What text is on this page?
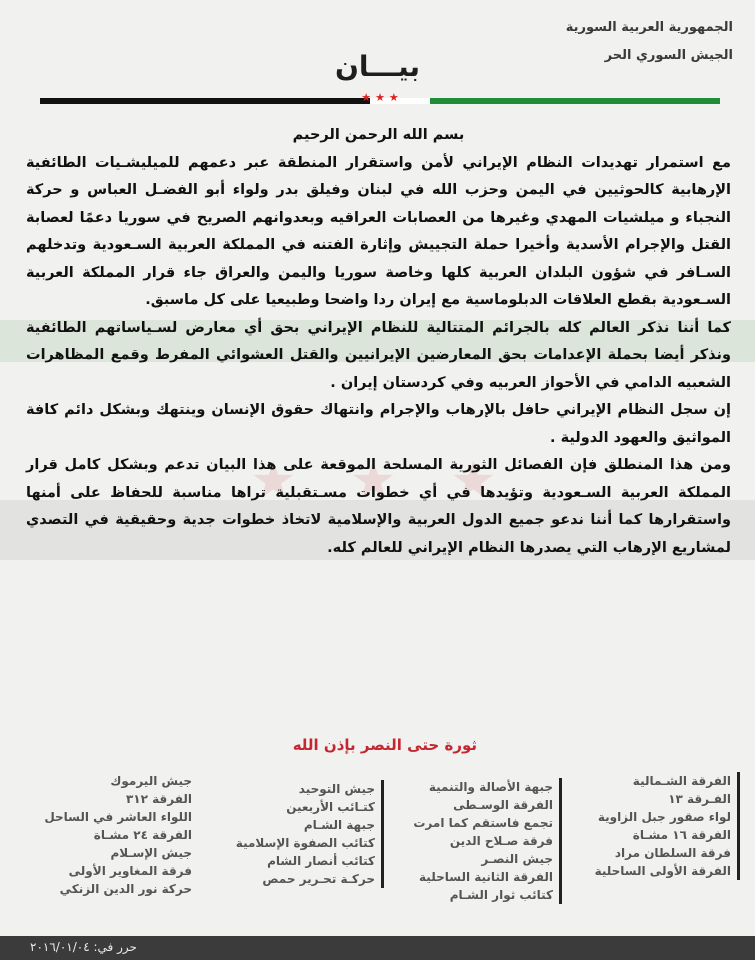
★ ★ ★
الجمهورية العربية السورية
الجيش السوري الحر
بيـــان
★★★

بسم الله الرحمن الرحيم

مع استمرار تهديدات النظام الإيراني لأمن واستقرار المنطقة عبر دعمهم للميليشـيات الطائفية الإرهابية كالحوثيين في اليمن وحزب الله في لبنان وفيلق بدر ولواء أبو الفضـل العباس و حركة النجباء و ميلشيات المهدي وغيرها من العصابات العراقيه وبعدوانهم الصريح في سوريا دعمًا لعصابة القتل والإجرام الأسدية وأخيرا حملة التجييش وإثارة الفتنه في المملكة العربية السـعودية وتدخلهم السـافر في شؤون البلدان العربية كلها وخاصة سوريا واليمن والعراق جاء قرار المملكة العربية السـعودية بقطع العلاقات الدبلوماسية مع إيران ردا واضحا وطبيعيا على كل ماسبق.

كما أننا نذكر العالم كله بالجرائم المتتالية للنظام الإيراني بحق أي معارض لسـياساتهم الطائفية ونذكر أيضا بحملة الإعدامات بحق المعارضين الإيرانيين والقتل العشوائي المفرط وقمع المظاهرات الشعبيه الدامي في الأحواز العربيه وفي كردستان إيران .

إن سجل النظام الإيراني حافل بالإرهاب والإجرام وانتهاك حقوق الإنسان وينتهك وبشكل دائم كافة المواثيق والعهود الدولية .

ومن هذا المنطلق فإن الفصائل الثورية المسلحة الموقعة على هذا البيان تدعم وبشكل كامل قرار المملكة العربية السـعودية وتؤيدها في أي خطوات مسـتقبلية تراها مناسبة للحفاظ على أمنها واستقرارها كما أننا ندعو جميع الدول العربية والإسلامية لاتخاذ خطوات جدية وحقيقية في التصدي لمشاريع الإرهاب التي يصدرها النظام الإيراني للعالم كله.

ثورة حتى النصر بإذن الله
الفرقة الشـمالية
الفـرقة ١٣
لواء صقور جبل الزاوية
الفرقة ١٦ مشـاة
فرقة السلطان مراد
الفرقة الأولى الساحلية
جبهة الأصالة والتنمية
الفرقة الوسـطى
تجمع فاستقم كما امرت
فرقة صـلاح الدين
جيش النصـر
الفرقة الثانية الساحلية
كتائب ثوار الشـام
جيش التوحيد
كتـائب الأربعين
جبهة الشـام
كتائب الصفوة الإسلامية
كتائب أنصار الشام
حركـة تحـرير حمص
جيش اليرموك
الفرقة ٣١٢
اللواء العاشر في الساحل
الفرقة ٢٤ مشـاة
جيش الإسـلام
فرقة المغاوير الأولى
حركة نور الدين الزنكي
حرر في: ٢٠١٦/٠١/٠٤
